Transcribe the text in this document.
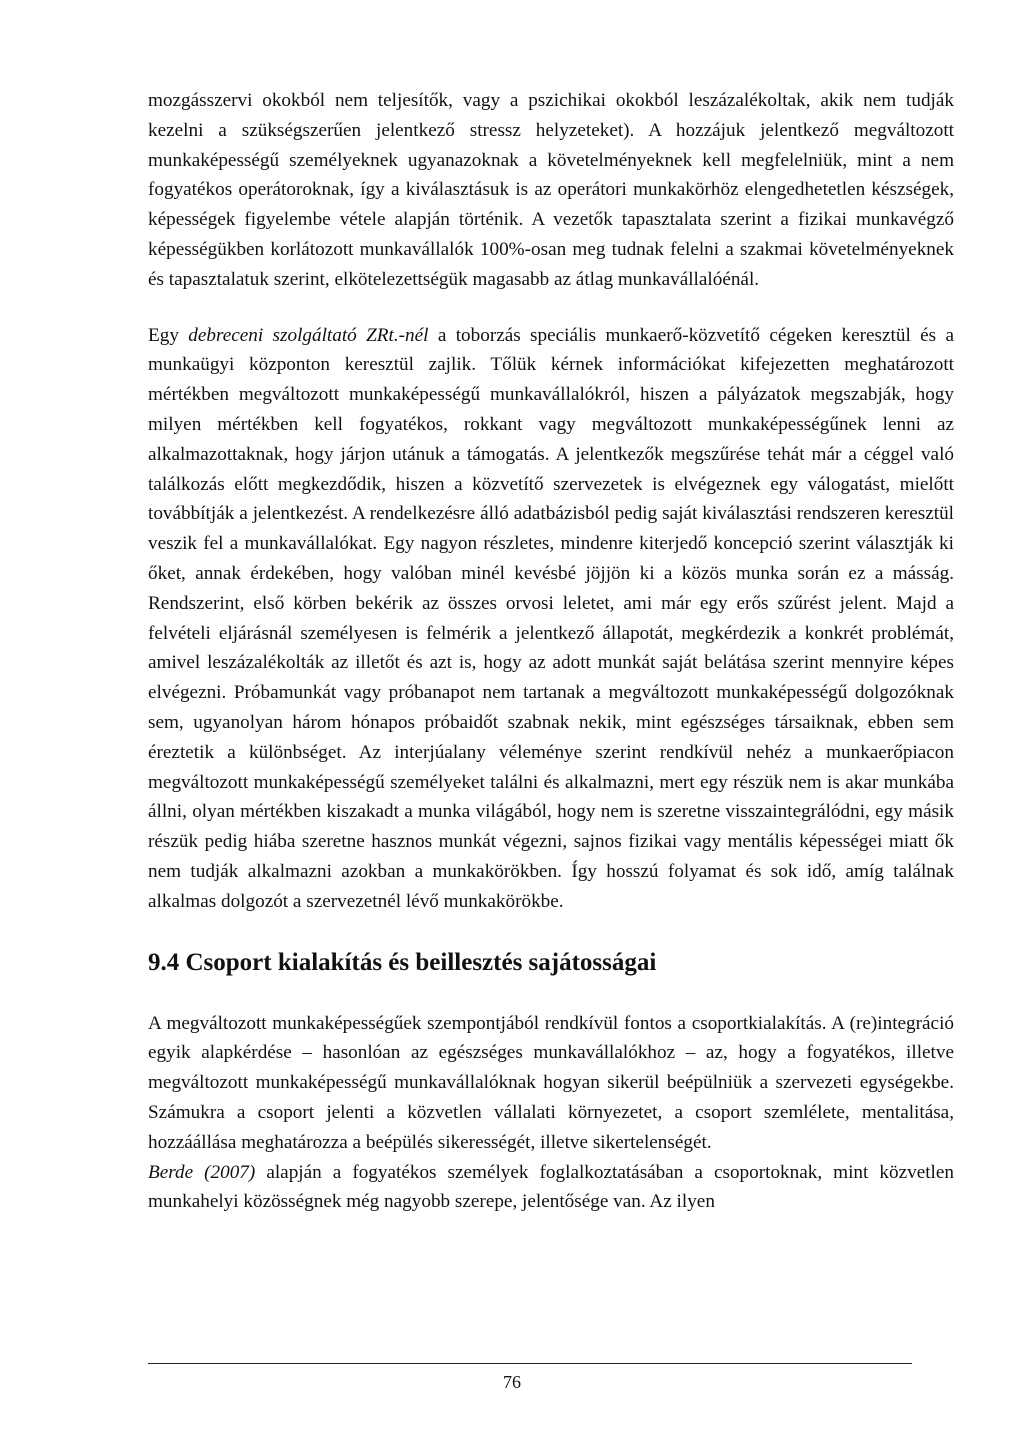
mozgásszervi okokból nem teljesítők, vagy a pszichikai okokból leszázalékoltak, akik nem tudják kezelni a szükségszerűen jelentkező stressz helyzeteket). A hozzájuk jelentkező megváltozott munkaképességű személyeknek ugyanazoknak a követelményeknek kell megfelelniük, mint a nem fogyatékos operátoroknak, így a kiválasztásuk is az operátori munkakörhöz elengedhetetlen készségek, képességek figyelembe vétele alapján történik. A vezetők tapasztalata szerint a fizikai munkavégző képességükben korlátozott munkavállalók 100%-osan meg tudnak felelni a szakmai követelményeknek és tapasztalatuk szerint, elkötelezettségük magasabb az átlag munkavállalóénál.

Egy debreceni szolgáltató ZRt.-nél a toborzás speciális munkaerő-közvetítő cégeken keresztül és a munkaügyi központon keresztül zajlik. Tőlük kérnek információkat kifejezetten meghatározott mértékben megváltozott munkaképességű munkavállalókról, hiszen a pályázatok megszabják, hogy milyen mértékben kell fogyatékos, rokkant vagy megváltozott munkaképességűnek lenni az alkalmazottaknak, hogy járjon utánuk a támogatás. A jelentkezők megszűrése tehát már a céggel való találkozás előtt megkezdődik, hiszen a közvetítő szervezetek is elvégeznek egy válogatást, mielőtt továbbítják a jelentkezést. A rendelkezésre álló adatbázisból pedig saját kiválasztási rendszeren keresztül veszik fel a munkavállalókat. Egy nagyon részletes, mindenre kiterjedő koncepció szerint választják ki őket, annak érdekében, hogy valóban minél kevésbé jöjjön ki a közös munka során ez a másság. Rendszerint, első körben bekérik az összes orvosi leletet, ami már egy erős szűrést jelent. Majd a felvételi eljárásnál személyesen is felmérik a jelentkező állapotát, megkérdezik a konkrét problémát, amivel leszázalékolták az illetőt és azt is, hogy az adott munkát saját belátása szerint mennyire képes elvégezni. Próbamunkát vagy próbanapot nem tartanak a megváltozott munkaképességű dolgozóknak sem, ugyanolyan három hónapos próbaidőt szabnak nekik, mint egészséges társaiknak, ebben sem éreztetik a különbséget. Az interjúalany véleménye szerint rendkívül nehéz a munkaerőpiacon megváltozott munkaképességű személyeket találni és alkalmazni, mert egy részük nem is akar munkába állni, olyan mértékben kiszakadt a munka világából, hogy nem is szeretne visszaintegrálódni, egy másik részük pedig hiába szeretne hasznos munkát végezni, sajnos fizikai vagy mentális képességei miatt ők nem tudják alkalmazni azokban a munkakörökben. Így hosszú folyamat és sok idő, amíg találnak alkalmas dolgozót a szervezetnél lévő munkakörökbe.

9.4 Csoport kialakítás és beillesztés sajátosságai

A megváltozott munkaképességűek szempontjából rendkívül fontos a csoportkialakítás. A (re)integráció egyik alapkérdése – hasonlóan az egészséges munkavállalókhoz – az, hogy a fogyatékos, illetve megváltozott munkaképességű munkavállalóknak hogyan sikerül beépülniük a szervezeti egységekbe. Számukra a csoport jelenti a közvetlen vállalati környezetet, a csoport szemlélete, mentalitása, hozzáállása meghatározza a beépülés sikerességét, illetve sikertelenségét.

Berde (2007) alapján a fogyatékos személyek foglalkoztatásában a csoportoknak, mint közvetlen munkahelyi közösségnek még nagyobb szerepe, jelentősége van. Az ilyen

76
